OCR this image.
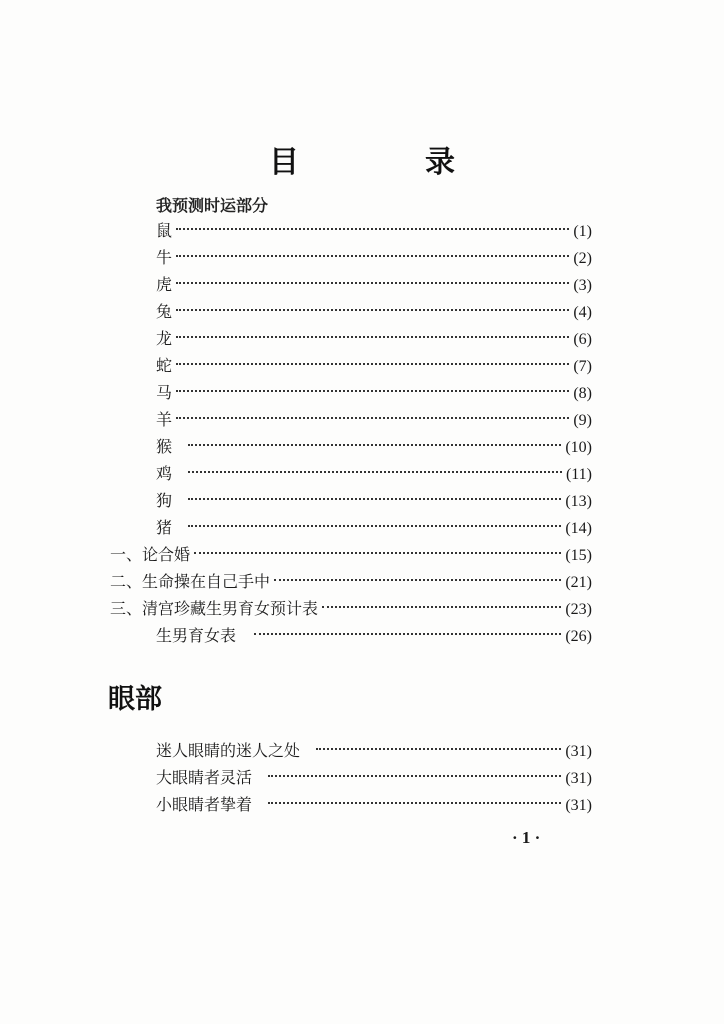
目　录
我预测时运部分
鼠	(1)
牛	(2)
虎	(3)
兔	(4)
龙	(6)
蛇	(7)
马	(8)
羊	(9)
猴	(10)
鸡	(11)
狗	(13)
猪	(14)
一、论合婚	(15)
二、生命操在自己手中	(21)
三、清宫珍藏生男育女预计表	(23)
生男育女表	(26)
迷人眼睛的迷人之处	(31)
大眼睛者灵活	(31)
小眼睛者挚着	(31)
眼部
· 1 ·
